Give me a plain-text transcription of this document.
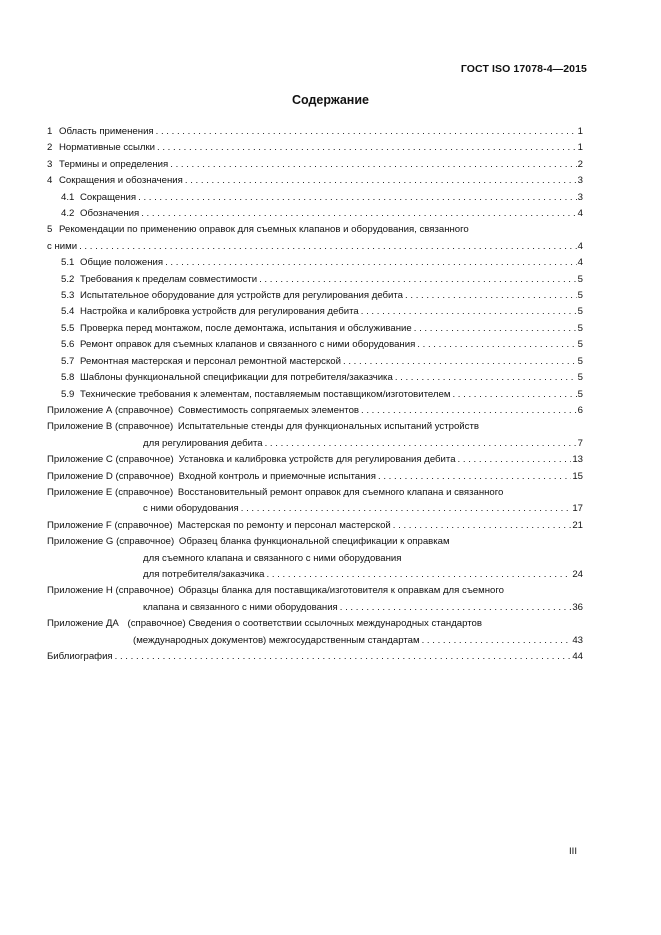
ГОСТ ISO 17078-4—2015
Содержание
1 Область применения . . .	1
2 Нормативные ссылки . . .	1
3 Термины и определения . . .	2
4 Сокращения и обозначения . . .	3
4.1 Сокращения . . .	3
4.2 Обозначения . . .	4
5 Рекомендации по применению оправок для съемных клапанов и оборудования, связанного
с ними . . .	4
5.1 Общие положения . . .	4
5.2 Требования к пределам совместимости . . .	5
5.3 Испытательное оборудование для устройств для регулирования дебита . . .	5
5.4 Настройка и калибровка устройств для регулирования дебита . . .	5
5.5 Проверка перед монтажом, после демонтажа, испытания и обслуживание . . .	5
5.6 Ремонт оправок для съемных клапанов и связанного с ними оборудования . . .	5
5.7 Ремонтная мастерская и персонал ремонтной мастерской . . .	5
5.8 Шаблоны функциональной спецификации для потребителя/заказчика . . .	5
5.9 Технические требования к элементам, поставляемым поставщиком/изготовителем . . .	5
Приложение А (справочное) Совместимость сопрягаемых элементов . . .	6
Приложение В (справочное) Испытательные стенды для функциональных испытаний устройств
для регулирования дебита . . .	7
Приложение С (справочное) Установка и калибровка устройств для регулирования дебита . . .	13
Приложение D (справочное) Входной контроль и приемочные испытания . . .	15
Приложение Е (справочное) Восстановительный ремонт оправок для съемного клапана и связанного
с ними оборудования . . .	17
Приложение F (справочное) Мастерская по ремонту и персонал мастерской . . .	21
Приложение G (справочное) Образец бланка функциональной спецификации к оправкам
для съемного клапана и связанного с ними оборудования
для потребителя/заказчика . . .	24
Приложение Н (справочное) Образцы бланка для поставщика/изготовителя к оправкам для съемного
клапана и связанного с ними оборудования . . .	36
Приложение ДА (справочное) Сведения о соответствии ссылочных международных стандартов
(международных документов) межгосударственным стандартам . . .	43
Библиография . . .	44
III
